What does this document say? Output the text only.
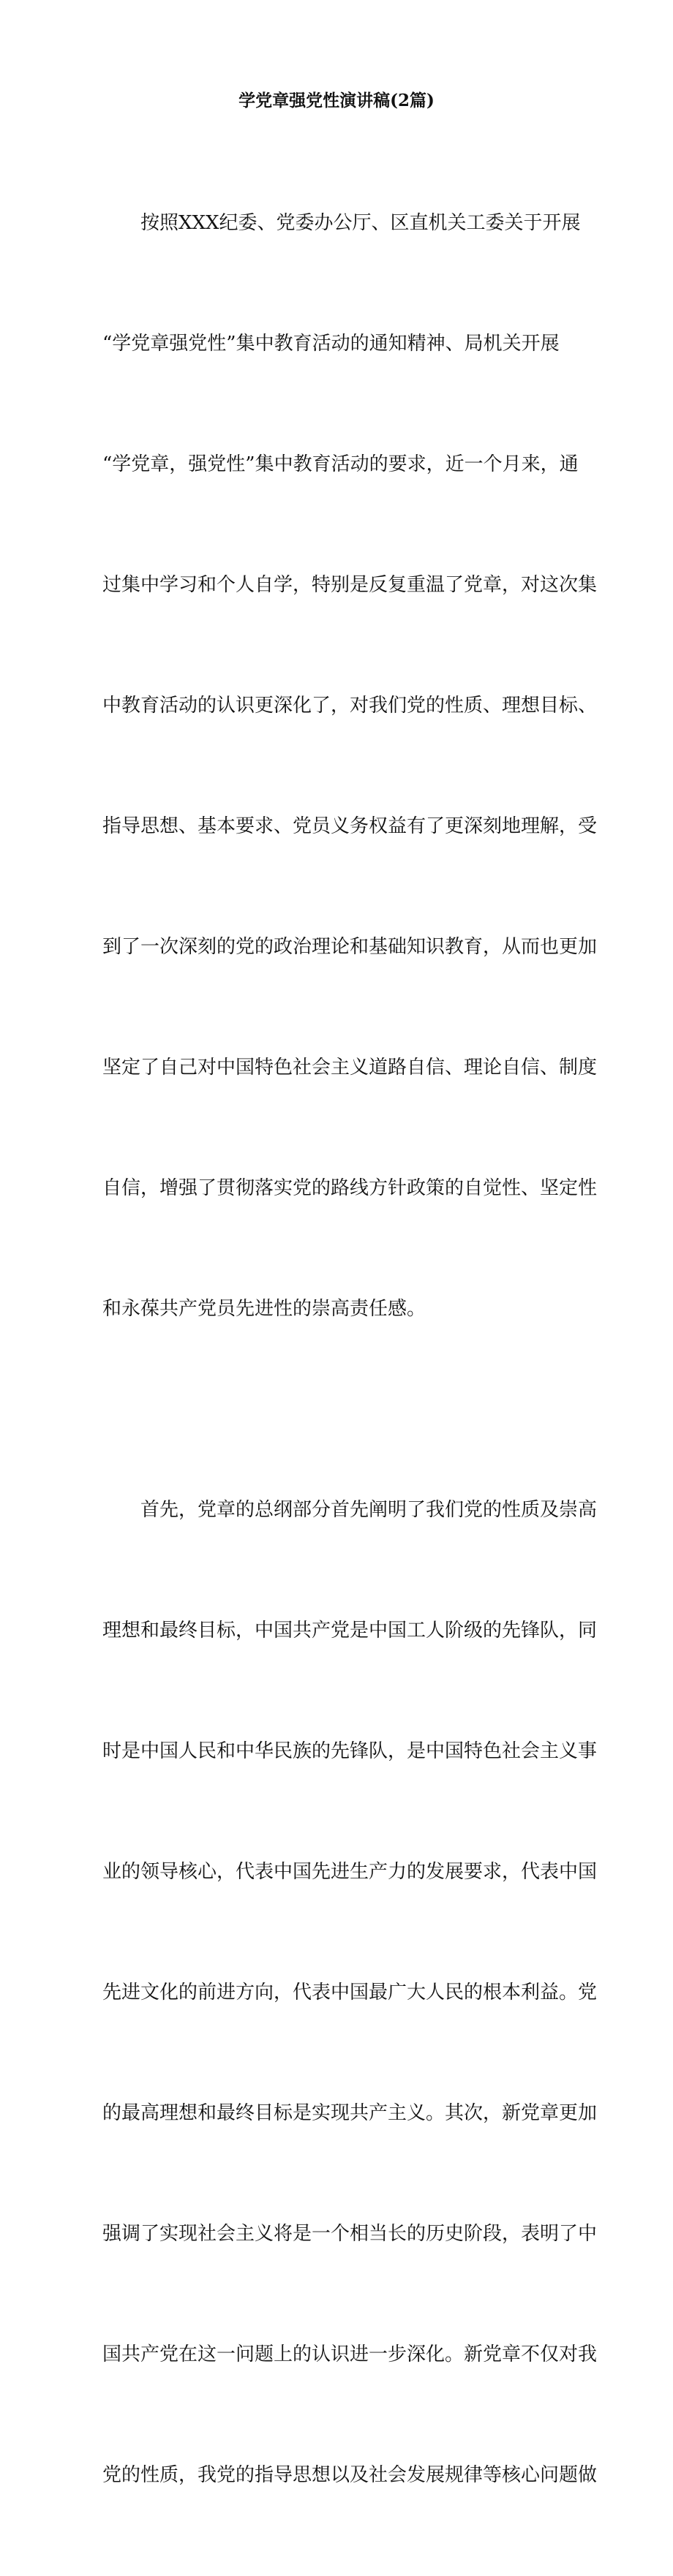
学党章强党性演讲稿(2篇)

按照XXX纪委、党委办公厅、区直机关工委关于开展

“学党章强党性”集中教育活动的通知精神、局机关开展

“学党章，强党性”集中教育活动的要求，近一个月来，通

过集中学习和个人自学，特别是反复重温了党章，对这次集

中教育活动的认识更深化了，对我们党的性质、理想目标、

指导思想、基本要求、党员义务权益有了更深刻地理解，受

到了一次深刻的党的政治理论和基础知识教育，从而也更加

坚定了自己对中国特色社会主义道路自信、理论自信、制度

自信，增强了贯彻落实党的路线方针政策的自觉性、坚定性

和永葆共产党员先进性的崇高责任感。

首先，党章的总纲部分首先阐明了我们党的性质及崇高

理想和最终目标，中国共产党是中国工人阶级的先锋队，同

时是中国人民和中华民族的先锋队，是中国特色社会主义事

业的领导核心，代表中国先进生产力的发展要求，代表中国

先进文化的前进方向，代表中国最广大人民的根本利益。党

的最高理想和最终目标是实现共产主义。其次，新党章更加

强调了实现社会主义将是一个相当长的历史阶段，表明了中

国共产党在这一问题上的认识进一步深化。新党章不仅对我

党的性质，我党的指导思想以及社会发展规律等核心问题做
